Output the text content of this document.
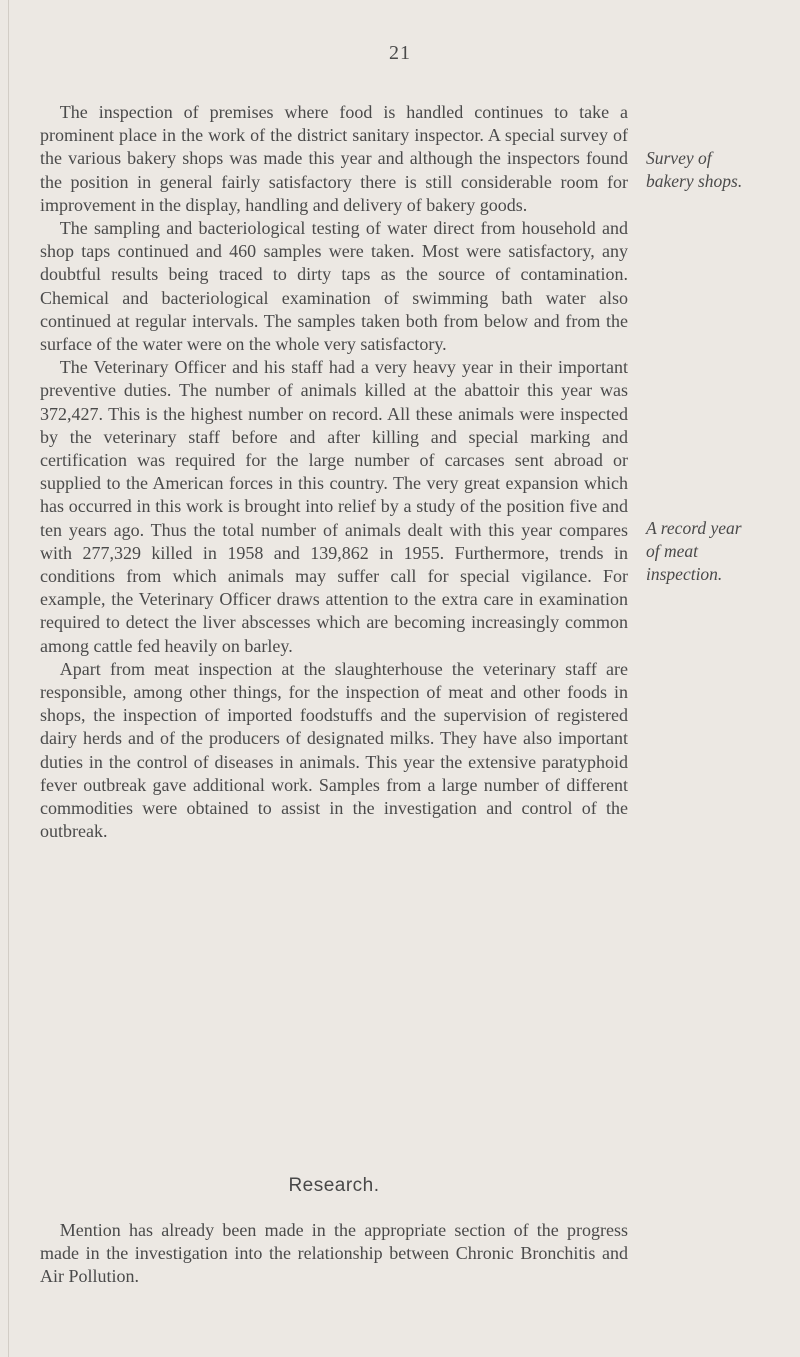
21

The inspection of premises where food is handled continues to take a prominent place in the work of the district sanitary inspector. A special survey of the various bakery shops was made this year and although the inspectors found the position in general fairly satisfactory there is still considerable room for improvement in the display, handling and delivery of bakery goods.

The sampling and bacteriological testing of water direct from household and shop taps continued and 460 samples were taken. Most were satisfactory, any doubtful results being traced to dirty taps as the source of contamination. Chemical and bacteriological examination of swimming bath water also continued at regular intervals. The samples taken both from below and from the surface of the water were on the whole very satisfactory.

The Veterinary Officer and his staff had a very heavy year in their important preventive duties. The number of animals killed at the abattoir this year was 372,427. This is the highest number on record. All these animals were inspected by the veterinary staff before and after killing and special marking and certification was required for the large number of carcases sent abroad or supplied to the American forces in this country. The very great expansion which has occurred in this work is brought into relief by a study of the position five and ten years ago. Thus the total number of animals dealt with this year compares with 277,329 killed in 1958 and 139,862 in 1955. Furthermore, trends in conditions from which animals may suffer call for special vigilance. For example, the Veterinary Officer draws attention to the extra care in examination required to detect the liver abscesses which are becoming increasingly common among cattle fed heavily on barley.

Apart from meat inspection at the slaughterhouse the veterinary staff are responsible, among other things, for the inspection of meat and other foods in shops, the inspection of imported foodstuffs and the supervision of registered dairy herds and of the producers of designated milks. They have also important duties in the control of diseases in animals. This year the extensive paratyphoid fever outbreak gave additional work. Samples from a large number of different commodities were obtained to assist in the investigation and control of the outbreak.

Survey of
bakery shops.
A record year
of meat
inspection.
Research.

Mention has already been made in the appropriate section of the progress made in the investigation into the relationship between Chronic Bronchitis and Air Pollution.
